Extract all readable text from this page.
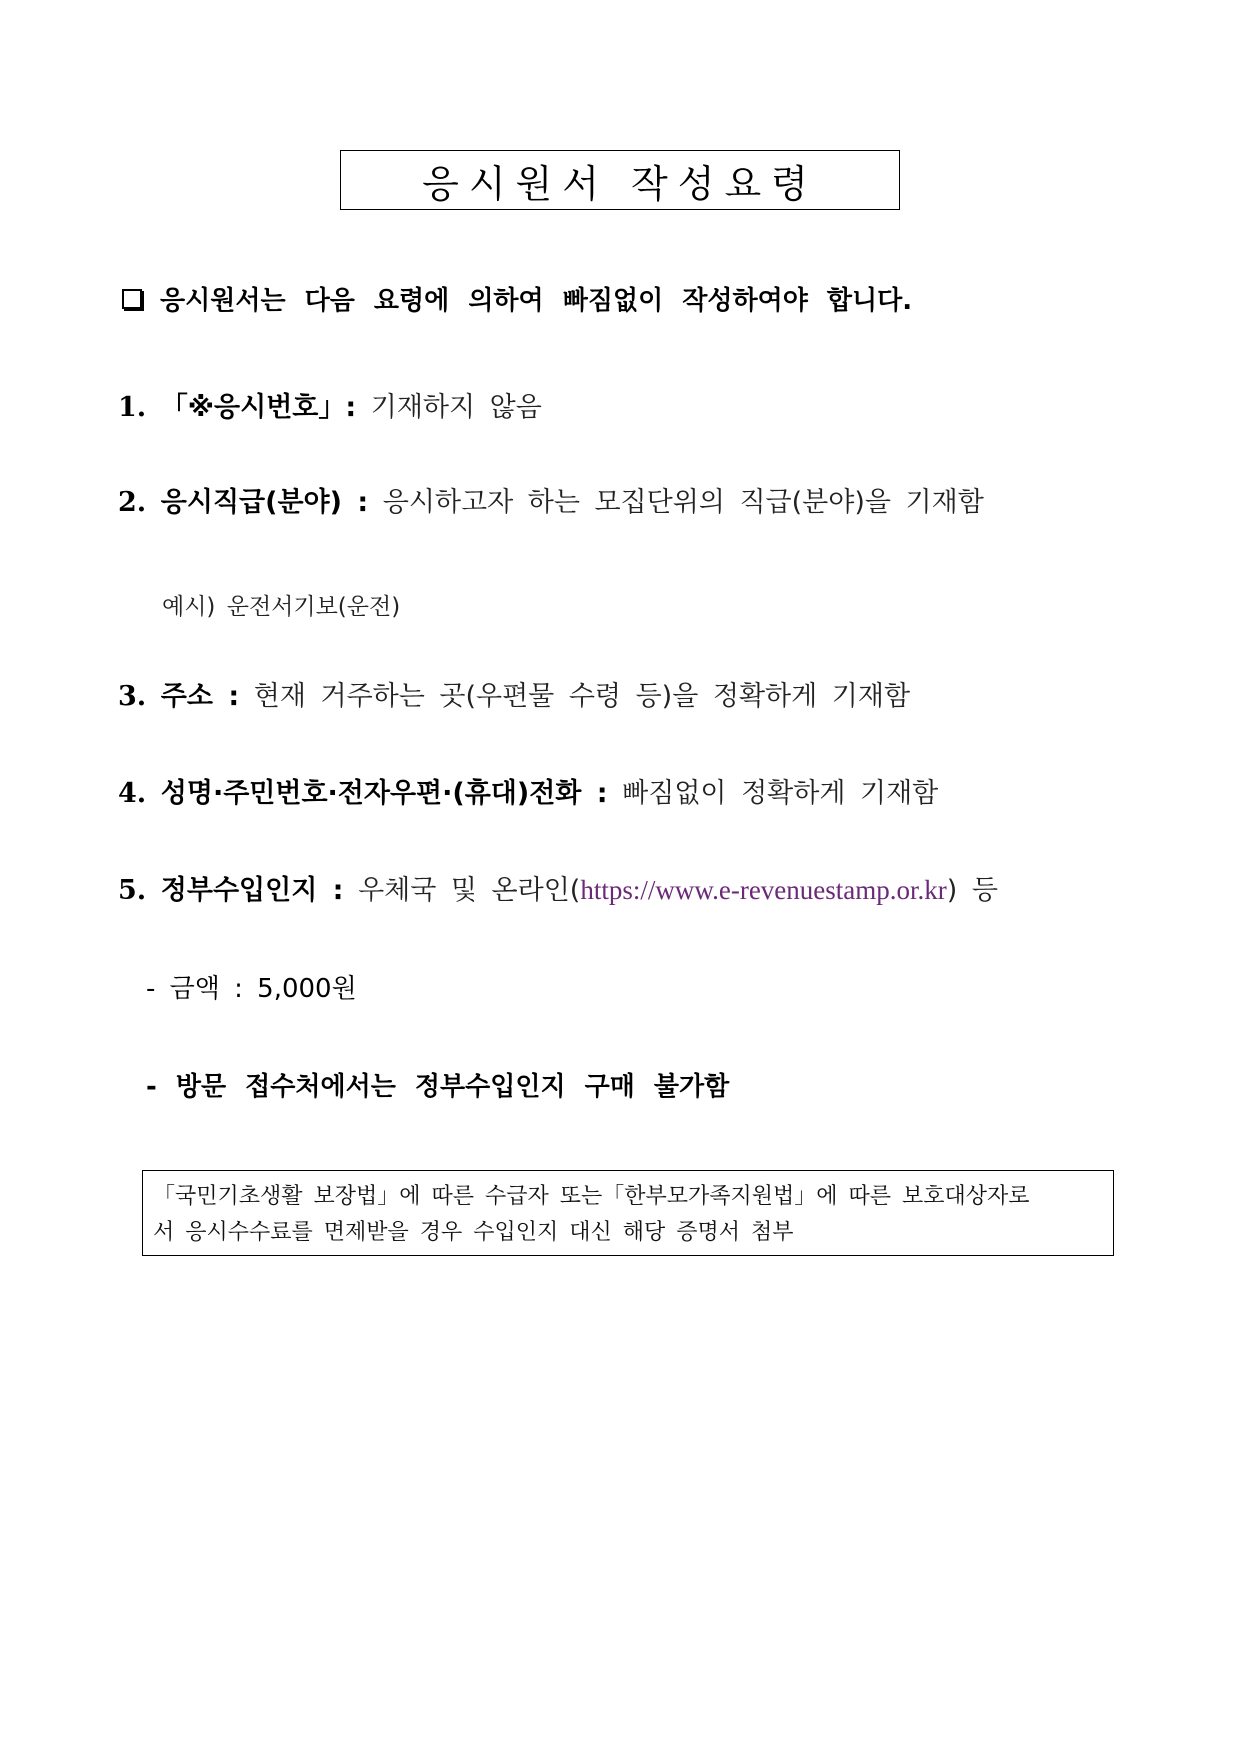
응시원서 작성요령
응시원서는 다음 요령에 의하여 빠짐없이 작성하여야 합니다.
1. 「※응시번호」: 기재하지 않음
2. 응시직급(분야) : 응시하고자 하는 모집단위의 직급(분야)을 기재함
예시) 운전서기보(운전)
3. 주소 : 현재 거주하는 곳(우편물 수령 등)을 정확하게 기재함
4. 성명·주민번호·전자우편·(휴대)전화 : 빠짐없이 정확하게 기재함
5. 정부수입인지 : 우체국 및 온라인(https://www.e-revenuestamp.or.kr) 등
- 금액 : 5,000원
- 방문 접수처에서는 정부수입인지 구매 불가함
「국민기초생활 보장법」에 따른 수급자 또는「한부모가족지원법」에 따른 보호대상자로
서 응시수수료를 면제받을 경우 수입인지 대신 해당 증명서 첨부
